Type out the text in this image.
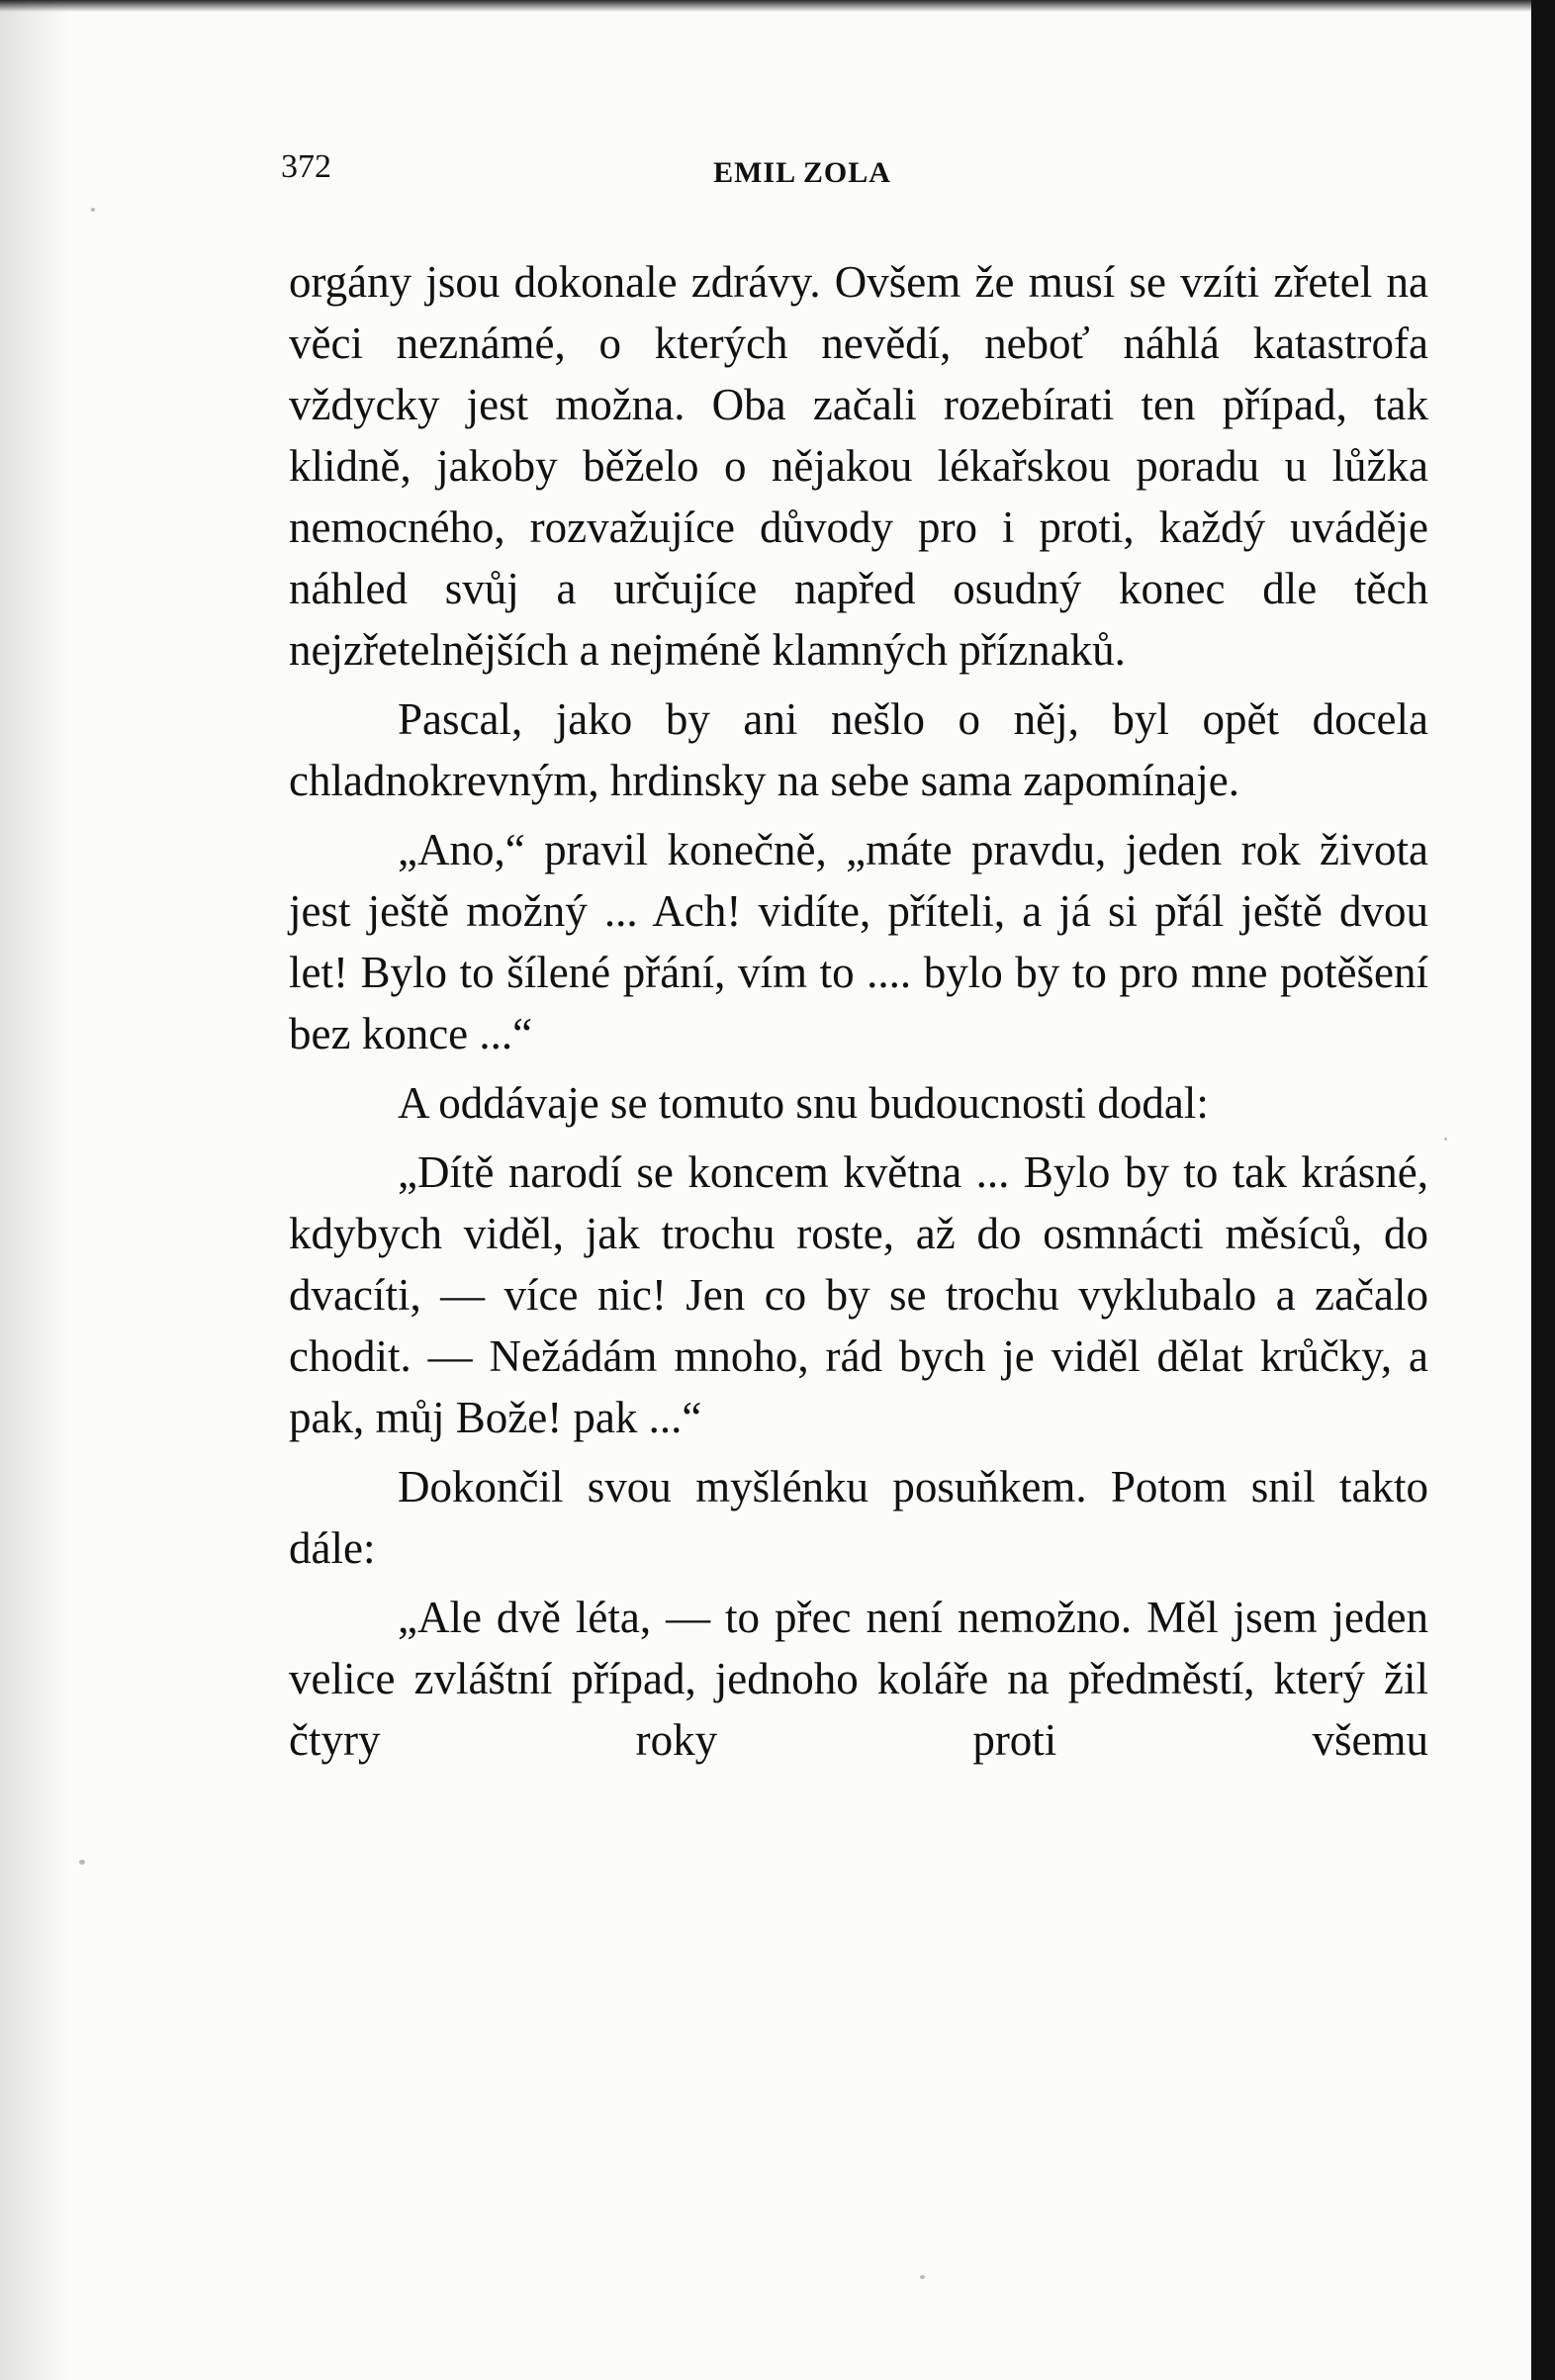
372	EMIL ZOLA

orgány jsou dokonale zdrávy. Ovšem že musí se vzíti zřetel na věci neznámé, o kterých nevědí, neboť náhlá katastrofa vždycky jest možna. Oba začali rozebírati ten případ, tak klidně, jakoby běželo o nějakou lékařskou poradu u lůžka nemocného, rozvažujíce důvody pro i proti, každý uváděje náhled svůj a určujíce napřed osudný konec dle těch nejzřetelnějších a nejméně klamných příznaků.

Pascal, jako by ani nešlo o něj, byl opět docela chladnokrevným, hrdinsky na sebe sama zapomínaje.

„Ano,“ pravil konečně, „máte pravdu, jeden rok života jest ještě možný ... Ach! vidíte, příteli, a já si přál ještě dvou let! Bylo to šílené přání, vím to .... bylo by to pro mne potěšení bez konce ...“

A oddávaje se tomuto snu budoucnosti dodal:

„Dítě narodí se koncem května ... Bylo by to tak krásné, kdybych viděl, jak trochu roste, až do osmnácti měsíců, do dvacíti, — více nic! Jen co by se trochu vyklubalo a začalo chodit. — Nežádám mnoho, rád bych je viděl dělat krůčky, a pak, můj Bože! pak ...“

Dokončil svou myšlénku posuňkem. Potom snil takto dále:

„Ale dvě léta, — to přec není nemožno. Měl jsem jeden velice zvláštní případ, jednoho koláře na předměstí, který žil čtyry roky proti všemu
